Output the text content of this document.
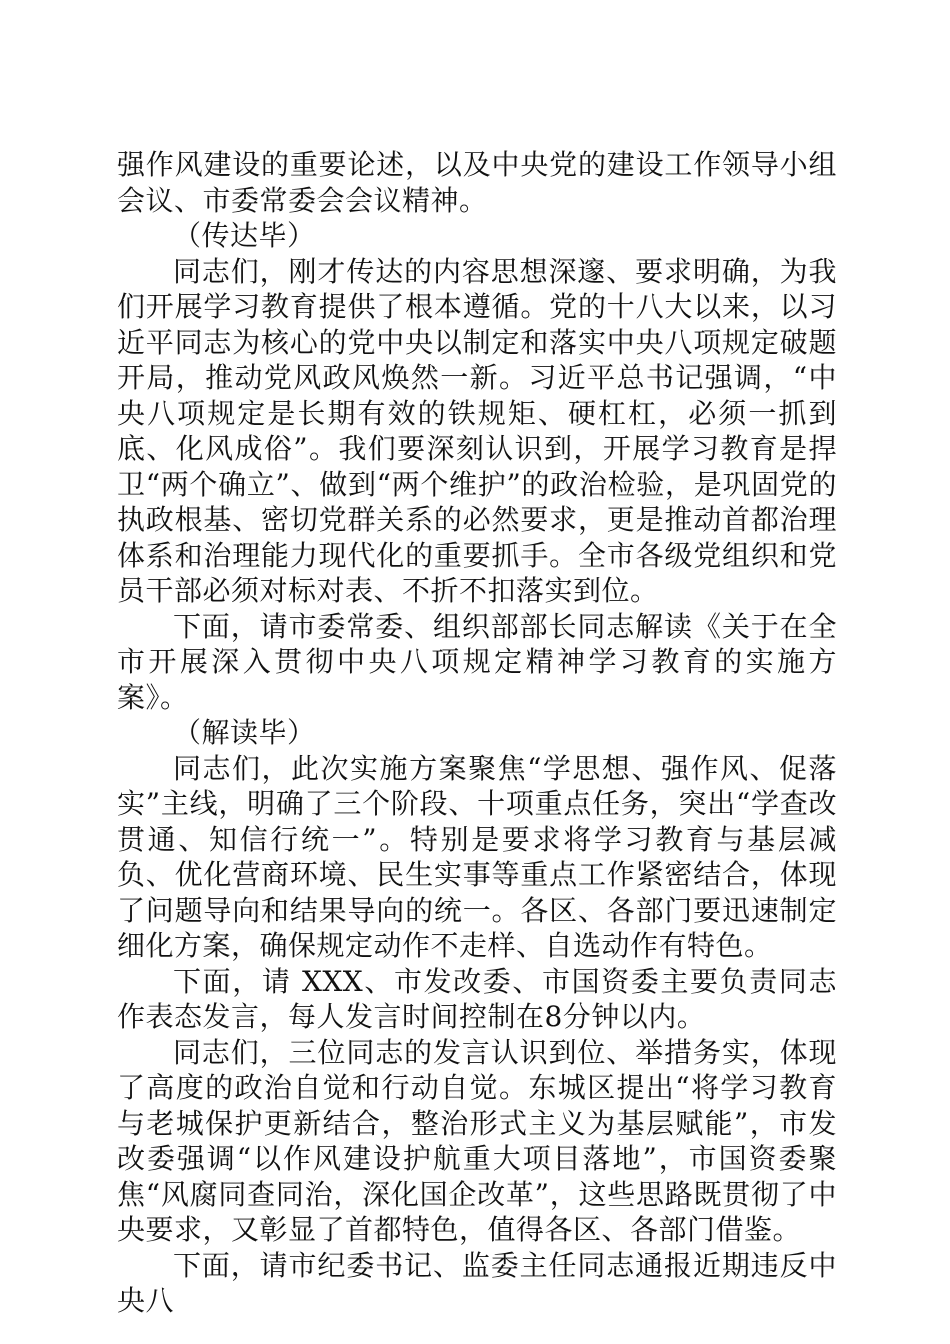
强作风建设的重要论述，以及中央党的建设工作领导小组会议、市委常委会会议精神。

（传达毕）

同志们，刚才传达的内容思想深邃、要求明确，为我们开展学习教育提供了根本遵循。党的十八大以来，以习近平同志为核心的党中央以制定和落实中央八项规定破题开局，推动党风政风焕然一新。习近平总书记强调，“中央八项规定是长期有效的铁规矩、硬杠杠，必须一抓到底、化风成俗”。我们要深刻认识到，开展学习教育是捍卫“两个确立”、做到“两个维护”的政治检验，是巩固党的执政根基、密切党群关系的必然要求，更是推动首都治理体系和治理能力现代化的重要抓手。全市各级党组织和党员干部必须对标对表、不折不扣落实到位。

下面，请市委常委、组织部部长同志解读《关于在全市开展深入贯彻中央八项规定精神学习教育的实施方案》。

（解读毕）

同志们，此次实施方案聚焦“学思想、强作风、促落实”主线，明确了三个阶段、十项重点任务，突出“学查改贯通、知信行统一”。特别是要求将学习教育与基层减负、优化营商环境、民生实事等重点工作紧密结合，体现了问题导向和结果导向的统一。各区、各部门要迅速制定细化方案，确保规定动作不走样、自选动作有特色。

下面，请 XXX、市发改委、市国资委主要负责同志作表态发言，每人发言时间控制在8分钟以内。

同志们，三位同志的发言认识到位、举措务实，体现了高度的政治自觉和行动自觉。东城区提出“将学习教育与老城保护更新结合，整治形式主义为基层赋能”，市发改委强调“以作风建设护航重大项目落地”，市国资委聚焦“风腐同查同治，深化国企改革”，这些思路既贯彻了中央要求，又彰显了首都特色，值得各区、各部门借鉴。

下面，请市纪委书记、监委主任同志通报近期违反中央八
